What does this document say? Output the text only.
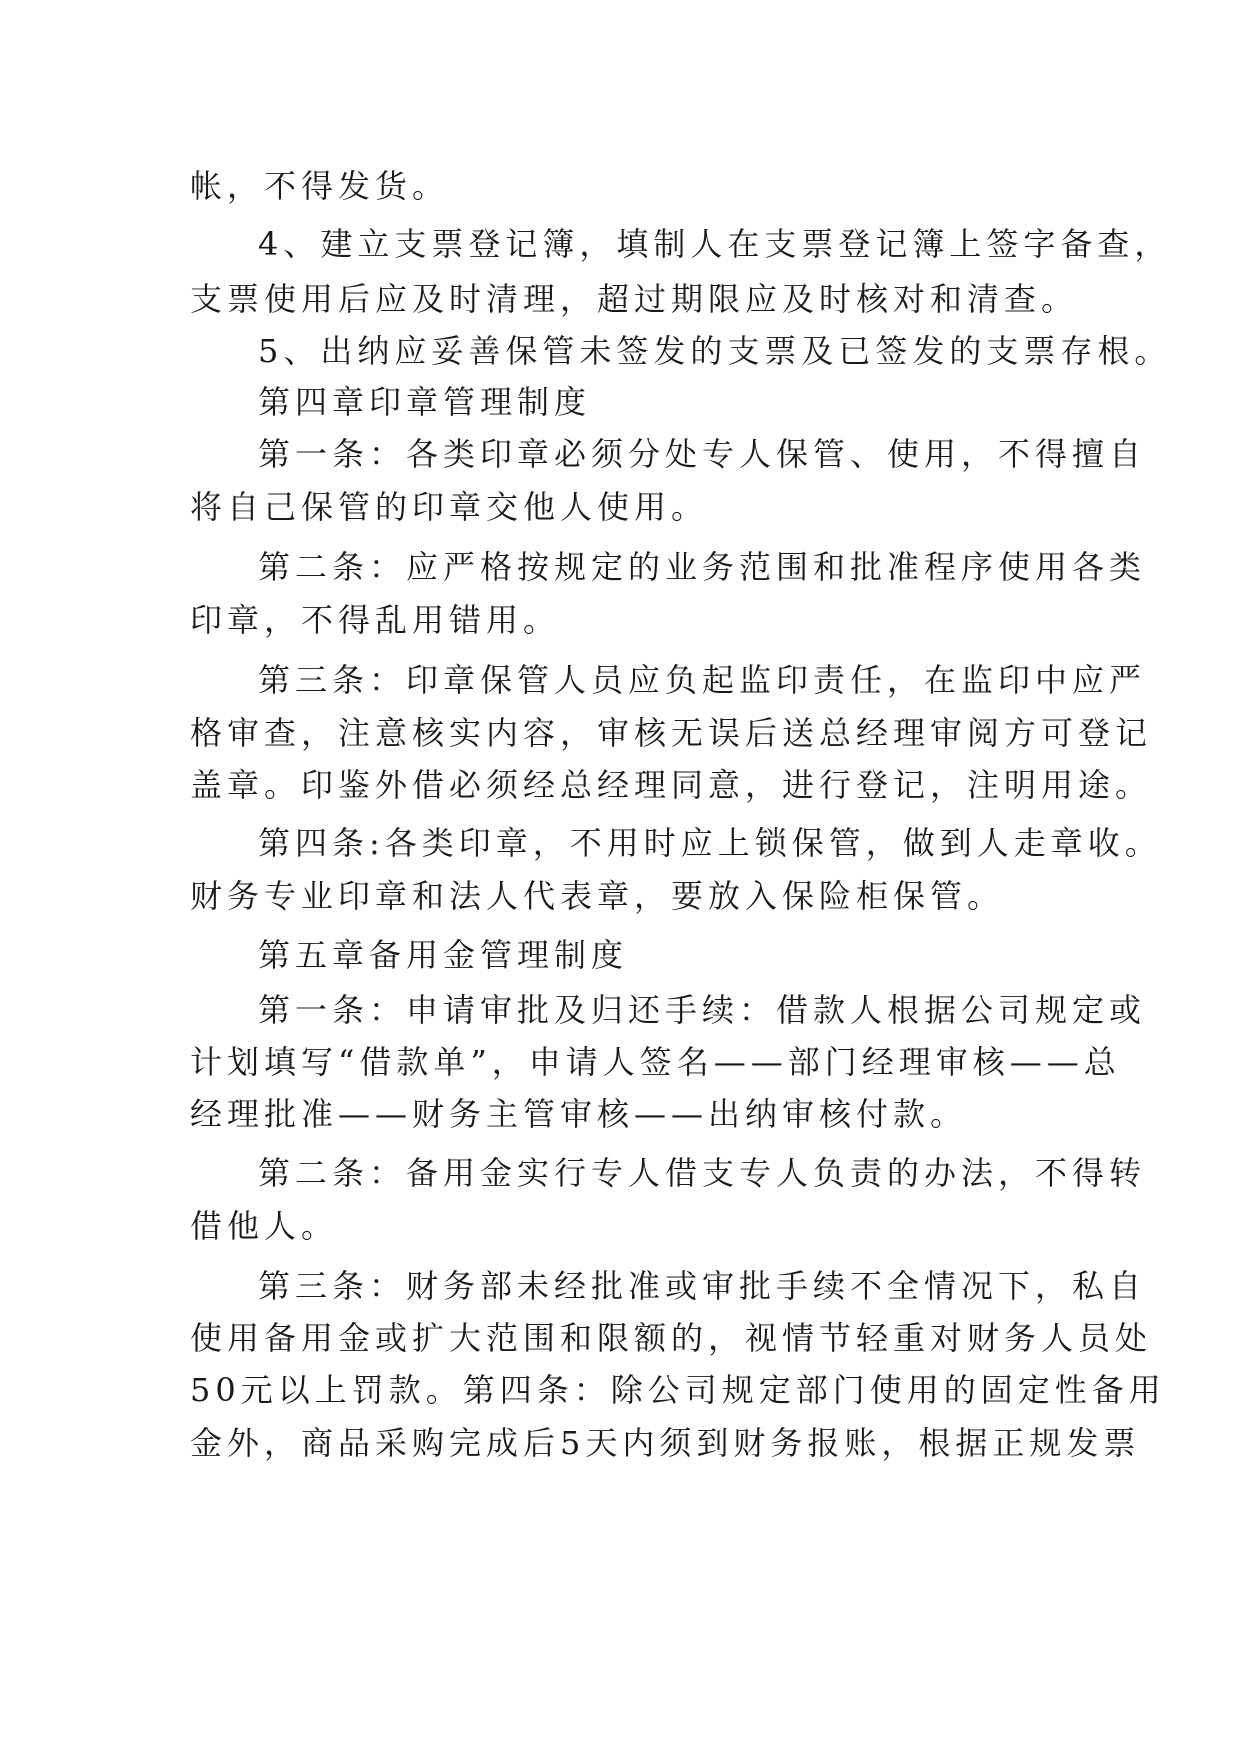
帐，不得发货。
4、建立支票登记簿，填制人在支票登记簿上签字备查，
支票使用后应及时清理，超过期限应及时核对和清查。
5、出纳应妥善保管未签发的支票及已签发的支票存根。
第四章印章管理制度
第一条：各类印章必须分处专人保管、使用，不得擅自
将自己保管的印章交他人使用。
第二条：应严格按规定的业务范围和批准程序使用各类
印章，不得乱用错用。
第三条：印章保管人员应负起监印责任，在监印中应严
格审查，注意核实内容，审核无误后送总经理审阅方可登记
盖章。印鉴外借必须经总经理同意，进行登记，注明用途。
第四条:各类印章，不用时应上锁保管，做到人走章收。
财务专业印章和法人代表章，要放入保险柜保管。
第五章备用金管理制度
第一条：申请审批及归还手续：借款人根据公司规定或
计划填写“借款单”，申请人签名——部门经理审核——总
经理批准——财务主管审核——出纳审核付款。
第二条：备用金实行专人借支专人负责的办法，不得转
借他人。
第三条：财务部未经批准或审批手续不全情况下，私自
使用备用金或扩大范围和限额的，视情节轻重对财务人员处
50元以上罚款。第四条：除公司规定部门使用的固定性备用
金外，商品采购完成后5天内须到财务报账，根据正规发票
